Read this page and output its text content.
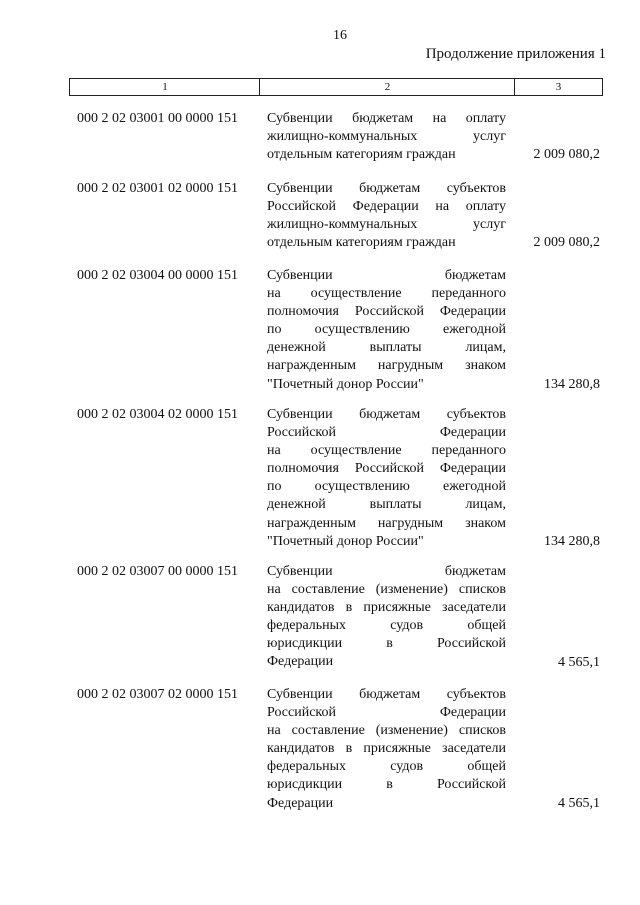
16
Продолжение приложения 1
1	2	3
000 2 02 03001 00 0000 151 Субвенции бюджетам на оплату
жилищно-коммунальных услуг
отдельным категориям граждан	2 009 080,2
000 2 02 03001 02 0000 151 Субвенции бюджетам субъектов
Российской Федерации на оплату
жилищно-коммунальных услуг
отдельным категориям граждан	2 009 080,2
000 2 02 03004 00 0000 151 Субвенции бюджетам
на осуществление переданного
полномочия Российской Федерации
по осуществлению ежегодной
денежной выплаты лицам,
награжденным нагрудным знаком
"Почетный донор России"	134 280,8
000 2 02 03004 02 0000 151 Субвенции бюджетам субъектов
Российской Федерации
на осуществление переданного
полномочия Российской Федерации
по осуществлению ежегодной
денежной выплаты лицам,
награжденным нагрудным знаком
"Почетный донор России"	134 280,8
000 2 02 03007 00 0000 151 Субвенции бюджетам
на составление (изменение) списков
кандидатов в присяжные заседатели
федеральных судов общей
юрисдикции в Российской
Федерации	4 565,1
000 2 02 03007 02 0000 151 Субвенции бюджетам субъектов
Российской Федерации
на составление (изменение) списков
кандидатов в присяжные заседатели
федеральных судов общей
юрисдикции в Российской
Федерации	4 565,1
